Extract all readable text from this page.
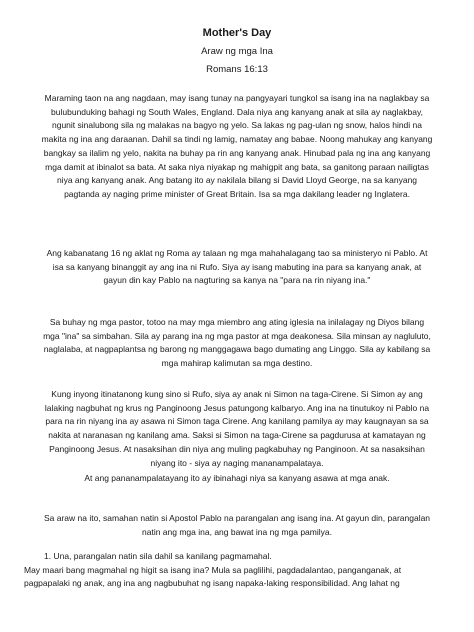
Mother's Day
Araw ng mga Ina
Romans 16:13
Maraming taon na ang nagdaan, may isang tunay na pangyayari tungkol sa isang ina na naglakbay sa
bulubunduking bahagi ng South Wales, England. Dala niya ang kanyang anak at sila ay naglakbay,
ngunit sinalubong sila ng malakas na bagyo ng yelo. Sa lakas ng pag-ulan ng snow, halos hindi na
makita ng ina ang daraanan. Dahil sa tindi ng lamig, namatay ang babae. Noong mahukay ang kanyang
bangkay sa ilalim ng yelo, nakita na buhay pa rin ang kanyang anak. Hinubad pala ng ina ang kanyang
mga damit at ibinalot sa bata. At saka niya niyakap ng mahigpit ang bata, sa ganitong paraan nailigtas
niya ang kanyang anak. Ang batang ito ay nakilala bilang si David Lloyd George, na sa kanyang
pagtanda ay naging prime minister of Great Britain. Isa sa mga dakilang leader ng Inglatera.
Ang kabanatang 16 ng aklat ng Roma ay talaan ng mga mahahalagang tao sa ministeryo ni Pablo. At
isa sa kanyang binanggit ay ang ina ni Rufo. Siya ay isang mabuting ina para sa kanyang anak, at
gayun din kay Pablo na nagturing sa kanya na "para na rin niyang ina."
Sa buhay ng mga pastor, totoo na may mga miembro ang ating iglesia na inilalagay ng Diyos bilang
mga "ina" sa simbahan. Sila ay parang ina ng mga pastor at mga deakonesa. Sila minsan ay nagluluto,
naglalaba, at nagpaplantsa ng barong ng manggagawa bago dumating ang Linggo. Sila ay kabilang sa
mga mahirap kalimutan sa mga destino.
Kung inyong itinatanong kung sino si Rufo, siya ay anak ni Simon na taga-Cirene. Si Simon ay ang
lalaking nagbuhat ng krus ng Panginoong Jesus patungong kalbaryo. Ang ina na tinutukoy ni Pablo na
para na rin niyang ina ay asawa ni Simon taga Cirene. Ang kanilang pamilya ay may kaugnayan sa sa
nakita at naranasan ng kanilang ama. Saksi si Simon na taga-Cirene sa pagdurusa at kamatayan ng
Panginoong Jesus. At nasaksihan din niya ang muling pagkabuhay ng Panginoon. At sa nasaksihan
niyang ito - siya ay naging mananampalataya.
At ang pananampalatayang ito ay ibinahagi niya sa kanyang asawa at mga anak.
Sa araw na ito, samahan natin si Apostol Pablo na parangalan ang isang ina. At gayun din, parangalan
natin ang mga ina, ang bawat ina ng mga pamilya.
1. Una, parangalan natin sila dahil sa kanilang pagmamahal.
May maari bang magmahal ng higit sa isang ina? Mula sa paglilihi, pagdadalantao, panganganak, at
pagpapalaki ng anak, ang ina ang nagbubuhat ng isang napaka-laking responsibilidad. Ang lahat ng
